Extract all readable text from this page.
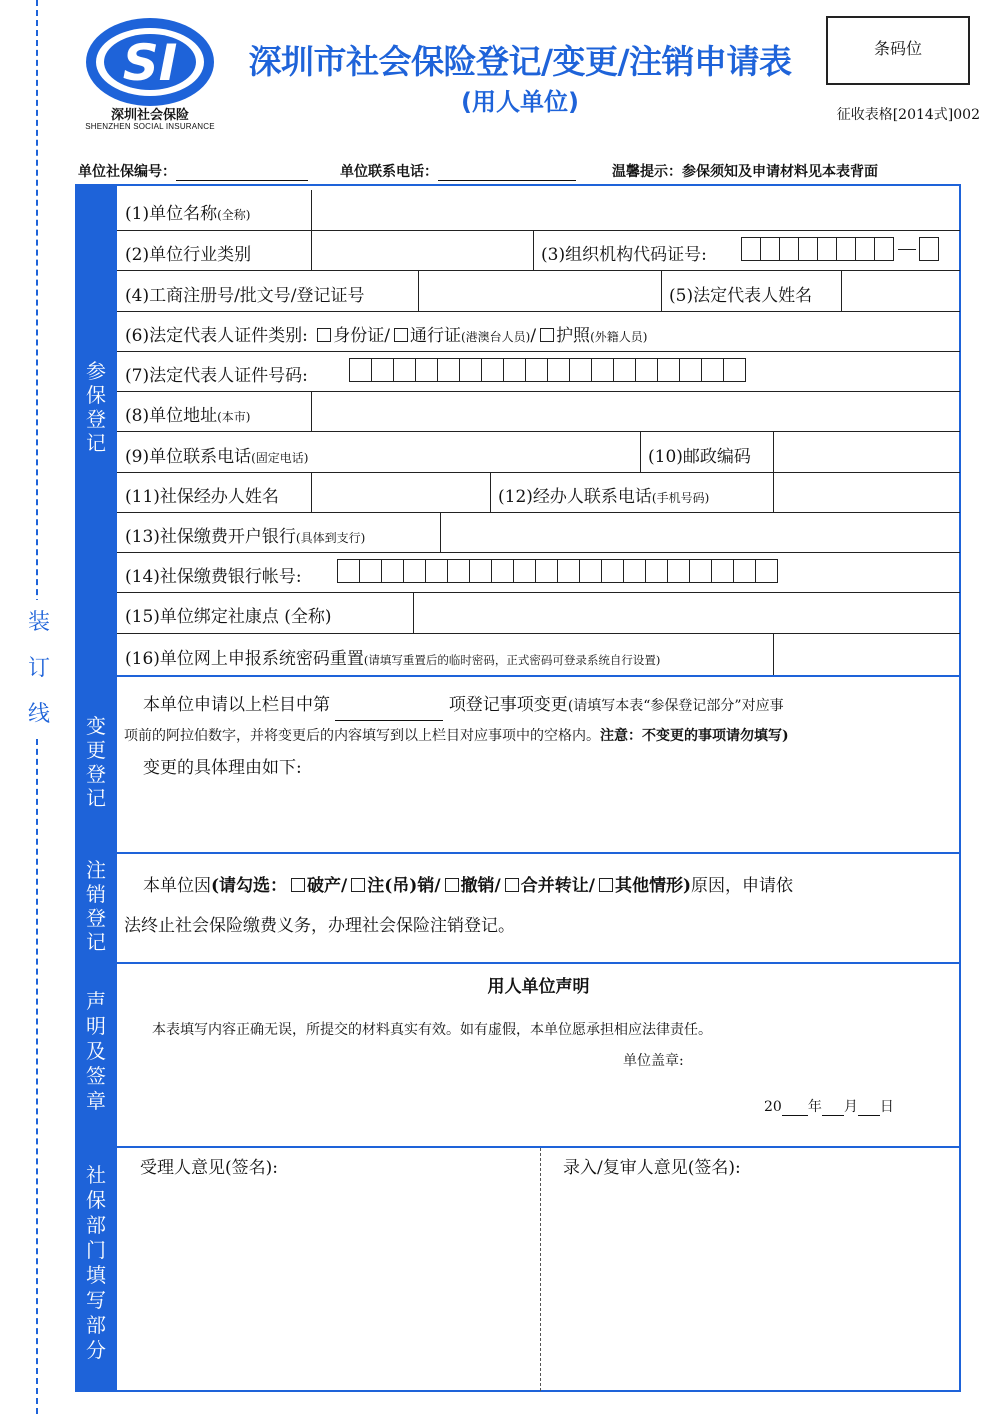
装
订
线
SI
深圳社会保险
SHENZHEN SOCIAL INSURANCE
深圳市社会保险登记/变更/注销申请表
(用人单位)
条码位
征收表格[2014式]002
单位社保编号：	单位联系电话：	温馨提示：参保须知及申请材料见本表背面
参
保
登
记
变
更
登
记
注
销
登
记
声
明
及
签
章
社
保
部
门
填
写
部
分
(1)单位名称(全称)
(2)单位行业类别	(3)组织机构代码证号:

(4)工商注册号/批文号/登记证号	(5)法定代表人姓名
(6)法定代表人证件类别: 身份证/ 通行证(港澳台人员)/ 护照(外籍人员)
(7)法定代表人证件号码:
(8)单位地址(本市)
(9)单位联系电话(固定电话)	(10)邮政编码
(11)社保经办人姓名	(12)经办人联系电话(手机号码)
(13)社保缴费开户银行(具体到支行)
(14)社保缴费银行帐号:
(15)单位绑定社康点 (全称)
(16)单位网上申报系统密码重置(请填写重置后的临时密码，正式密码可登录系统自行设置)
本单位申请以上栏目中第	项登记事项变更(请填写本表“参保登记部分”对应事
项前的阿拉伯数字，并将变更后的内容填写到以上栏目对应事项中的空格内。注意：不变更的事项请勿填写)
变更的具体理由如下:
本单位因(请勾选： 破产/ 注(吊)销/ 撤销/ 合并转让/ 其他情形)原因，申请依
法终止社会保险缴费义务，办理社会保险注销登记。
用人单位声明
本表填写内容正确无误，所提交的材料真实有效。如有虚假，本单位愿承担相应法律责任。
单位盖章:
20 年 月 日
受理人意见(签名):	录入/复审人意见(签名):
